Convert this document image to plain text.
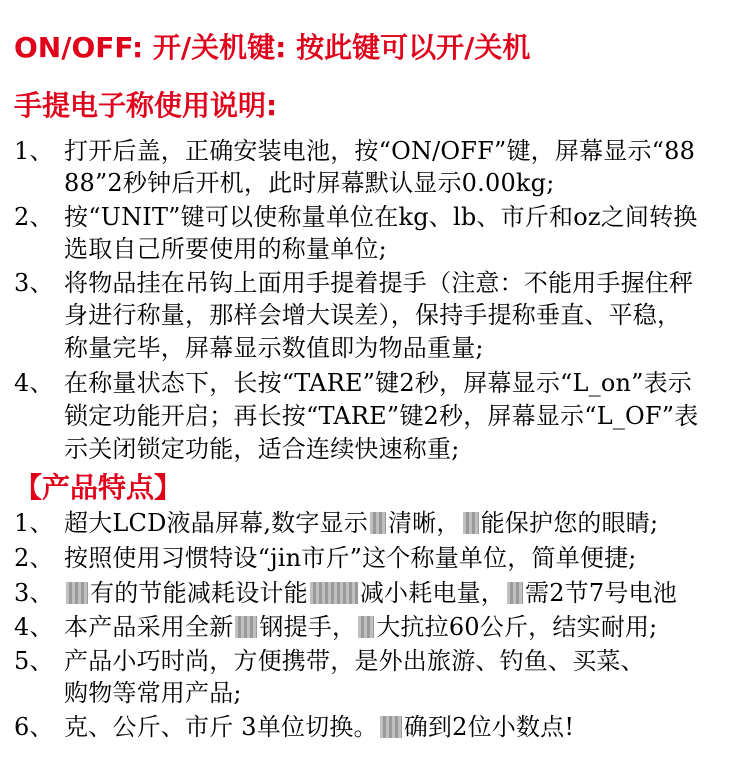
ON/OFF: 开/关机键: 按此键可以开/关机
手提电子称使用说明:
1、 打开后盖，正确安装电池，按“ON/OFF”键，屏幕显示“88
88”2秒钟后开机，此时屏幕默认显示0.00kg;
2、 按“UNIT”键可以使称量单位在kg、lb、市斤和oz之间转换
选取自己所要使用的称量单位;
3、 将物品挂在吊钩上面用手提着提手（注意：不能用手握住秤
身进行称量，那样会增大误差），保持手提称垂直、平稳，
称量完毕，屏幕显示数值即为物品重量;
4、 在称量状态下，长按“TARE”键2秒，屏幕显示“L_on”表示
锁定功能开启；再长按“TARE”键2秒，屏幕显示“L_OF”表
示关闭锁定功能，适合连续快速称重;
【产品特点】
1、 超大LCD液晶屏幕,数字显示 清晰， 能保护您的眼睛;
2、 按照使用习惯特设“jin市斤”这个称量单位，简单便捷;
3、	有的节能减耗设计能 减小耗电量， 需2节7号电池
4、 本产品采用全新 钢提手， 大抗拉60公斤，结实耐用;
5、 产品小巧时尚，方便携带，是外出旅游、钓鱼、买菜、
购物等常用产品;
6、 克、公斤、市斤 3单位切换。 确到2位小数点!
